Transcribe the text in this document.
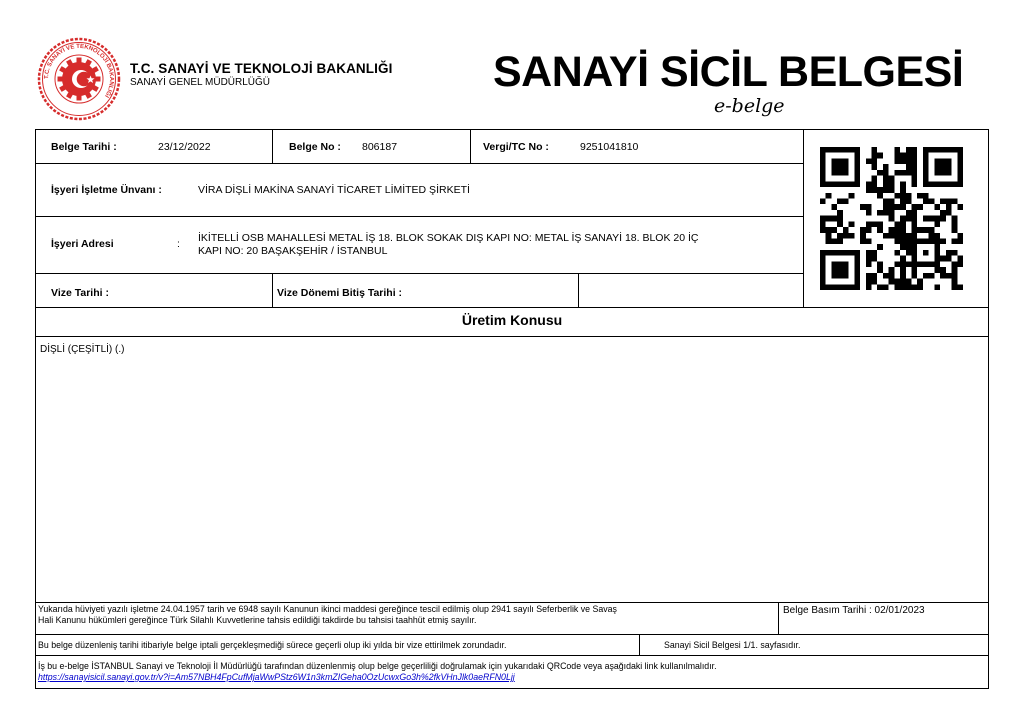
T.C. SANAYİ VE TEKNOLOJİ BAKANLIĞI
T.C. SANAYİ VE TEKNOLOJİ BAKANLIĞI
SANAYİ GENEL MÜDÜRLÜĞÜ	SANAYİ SİCİL BELGESİ
e-belge
Belge Tarihi :	23/12/2022	Belge No : 806187	Vergi/TC No :	9251041810
İşyeri İşletme Ünvanı :	VİRA DİŞLİ MAKİNA SANAYİ TİCARET LİMİTED ŞİRKETİ
İşyeri Adresi	: İKİTELLİ OSB MAHALLESİ METAL İŞ 18. BLOK SOKAK DIŞ KAPI NO: METAL İŞ SANAYİ 18. BLOK 20 İÇ
KAPI NO: 20 BAŞAKŞEHİR / İSTANBUL
Vize Tarihi :	Vize Dönemi Bitiş Tarihi :
Üretim Konusu
DİŞLİ (ÇEŞİTLİ) (.)
Yukarıda hüviyeti yazılı işletme 24.04.1957 tarih ve 6948 sayılı Kanunun ikinci maddesi gereğince tescil edilmiş olup 2941 sayılı Seferberlik ve Savaş
Hali Kanunu hükümleri gereğince Türk Silahlı Kuvvetlerine tahsis edildiği takdirde bu tahsisi taahhüt etmiş sayılır.
Belge Basım Tarihi : 02/01/2023
Bu belge düzenleniş tarihi itibariyle belge iptali gerçekleşmediği sürece geçerli olup iki yılda bir vize ettirilmek zorundadır.	Sanayi Sicil Belgesi 1/1. sayfasıdır.
İş bu e-belge İSTANBUL Sanayi ve Teknoloji İl Müdürlüğü tarafından düzenlenmiş olup belge geçerliliği doğrulamak için yukarıdaki QRCode veya aşağıdaki link kullanılmalıdır.
https://sanayisicil.sanayi.gov.tr/v?i=Am57NBH4FpCufMjaWwPStz6W1n3kmZIGeha0OzUcwxGo3h%2fkVHnJlk0aeRFN0Ljj
